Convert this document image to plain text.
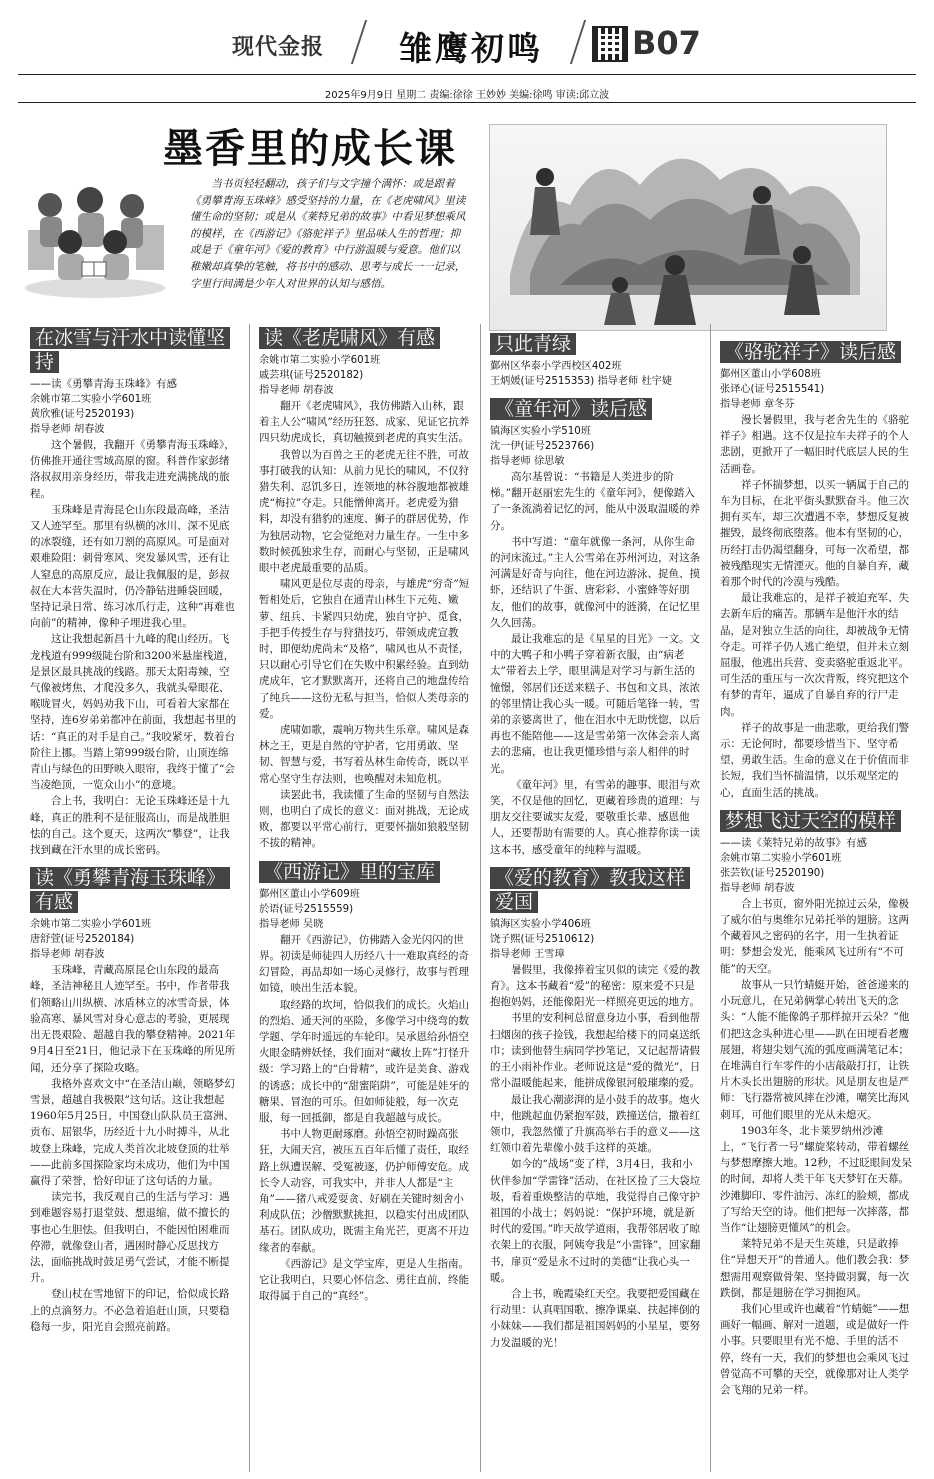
现代金报 雏鹰初鸣	B07
2025年9月9日 星期二 责编:徐徐 王妙妙 美编:徐鸣 审读:邱立波
墨香里的成长课
当书页轻轻翻动，孩子们与文字撞个满怀：或是跟着《勇攀青海玉珠峰》感受坚持的力量，在《老虎啸风》里读懂生命的坚韧；或是从《莱特兄弟的故事》中看见梦想乘风的模样，在《西游记》《骆驼祥子》里品味人生的哲理；抑或是于《童年河》《爱的教育》中行游温暖与爱意。他们以稚嫩却真挚的笔触，将书中的感动、思考与成长一一记录，字里行间满是少年人对世界的认知与感悟。
在冰雪与汗水中读懂坚持
——读《勇攀青海玉珠峰》有感
余姚市第二实验小学601班
黄欣雅(证号2520193)
指导老师 胡春波

这个暑假，我翻开《勇攀青海玉珠峰》，仿佛推开通往雪域高原的窗。科普作家彭绪洛叔叔用亲身经历，带我走进充满挑战的旅程。

玉珠峰是青海昆仑山东段最高峰，圣洁又人迹罕至。那里有纵横的冰川、深不见底的冰裂缝，还有如刀割的高原风。可是面对艰难险阻：刺骨寒风、突发暴风雪，还有让人窒息的高原反应，最让我佩服的是，彭叔叔在大本营失温时，仍冷静钻进睡袋回暖，坚持记录日常、练习冰爪行走，这种“再难也向前”的精神，像种子埋进我心里。

这让我想起新昌十九峰的爬山经历。飞龙栈道有999级陡台阶和3200米悬崖栈道，是景区最具挑战的线路。那天太阳毒辣，空气像被烤焦，才爬没多久，我就头晕眼花、喉咙冒火，妈妈劝我下山，可看着大家都在坚持，连6岁弟弟都冲在前面，我想起书里的话：“真正的对手是自己。”我咬紧牙，数着台阶往上挪。当踏上第999级台阶，山顶连绵青山与绿色的田野映入眼帘，我终于懂了“会当凌绝顶，一览众山小”的意境。

合上书，我明白：无论玉珠峰还是十九峰，真正的胜利不是征服高山，而是战胜胆怯的自己。这个夏天，这两次“攀登”，让我找到藏在汗水里的成长密码。

读《勇攀青海玉珠峰》有感
余姚市第二实验小学601班
唐舒萱(证号2520184)
指导老师 胡春波

玉珠峰，青藏高原昆仑山东段的最高峰，圣洁神秘且人迹罕至。书中，作者带我们领略山川纵横、冰盾林立的冰雪奇景，体验高寒、暴风雪对身心意志的考验，更展现出无畏艰险、超越自我的攀登精神。2021年9月4日至21日，他记录下在玉珠峰的所见所闻，还分享了探险攻略。

我格外喜欢文中“在圣洁山巅，领略梦幻雪景，超越自我极限”这句话。这让我想起1960年5月25日，中国登山队队员王富洲、贡布、屈银华，历经近十九小时搏斗，从北坡登上珠峰，完成人类首次北坡登顶的壮举——此前多国探险家均未成功，他们为中国赢得了荣誉，恰好印证了这句话的力量。

读完书，我反观自己的生活与学习：遇到难题容易打退堂鼓、想退缩，做不擅长的事也心生胆怯。但我明白，不能因怕困难而停滞，就像登山者，遇困时静心反思找方法，面临挑战时鼓足勇气尝试，才能不断提升。

登山杖在雪地留下的印记，恰似成长路上的点滴努力。不必急着追赶山顶，只要稳稳每一步，阳光自会照亮前路。

读《老虎啸风》有感
余姚市第二实验小学601班
戚芸琪(证号2520182)
指导老师 胡春波

翻开《老虎啸风》，我仿佛踏入山林，跟着主人公“啸风”经历狂怒、成家、见证它抗养四只幼虎成长，真切触摸到老虎的真实生活。

我曾以为百兽之王的老虎无往不胜，可故事打破我的认知：从前力见长的啸风，不仅狩猎失利、忍饥多日，连领地的林谷腹地都被雄虎“梅拉”夺走。只能憎伸离开。老虎爱为猎料，却没有猎豹的速度、狮子的群居优势，作为独居动物，它会觉绝对力量生存。一生中多数时候孤独求生存，而耐心与坚韧，正是啸风眼中老虎最重要的品质。

啸风更是位尽责的母亲，与雄虎“穷奇”短暂相处后，它独自在通青山林生下元苑、嫩萝、纽兵、卡紧四只幼虎，独自守护、觅食，手把手传授生存与狩猎技巧，带领成虎宣教时，即便幼虎尚未“及格”，啸风也从不责怪，只以耐心引导它们在失败中积累经验。直到幼虎成年，它才默默离开，还将自己的地盘传给了纯兵——这份无私与担当，恰似人类母亲的爱。

虎啸如歌，震响万物共生乐章。啸风是森林之王，更是自然的守护者，它用勇敢、坚韧、智慧与爱，书写着丛林生命传奇，既以平常心坚守生存法则，也唤醒对未知危机。

读罢此书，我读懂了生命的坚韧与自然法则，也明白了成长的意义：面对挑战，无论成败，都要以平常心前行，更要怀揣如狼般坚韧不拔的精神。

《西游记》里的宝库
鄞州区董山小学609班
於语(证号2515559)
指导老师 吴晓

翻开《西游记》，仿佛踏入金光闪闪的世界。初读是师徒四人历经八十一难取真经的奇幻冒险，再品却如一场心灵修行，故事与哲理如镜，映出生活本貌。

取经路的坎坷，恰似我们的成长。火焰山的烈焰、通天河的巫险，多像学习中绕弯的数学题、学年时遥远的车轮印。吴承恩给孙悟空火眼金睛辨妖怪，我们面对“藏妆上阵”打怪升级：学习路上的“白骨精”，或许是美食、游戏的诱惑；成长中的“甜蜜陷阱”，可能是娃牙的糖果、冒泡的可乐。但如师徒般，每一次克服，每一回抵御，都是自我超越与成长。

书中人物更耐琢磨。孙悟空初时躁高张狂，大闹天宫，被压五百年后懂了责任，取经路上纵遭误解、受冤被逐，仍护师傅安危。成长令人动容，可我实中，并非人人都是“主角”——猪八戒爱耍贪、好刷在关键时刻舍小利成队伍；沙僧默默挑担，以稳实付出成团队基石。团队成功，既需主角光芒，更离不开边缘者的奉献。

《西游记》是文学宝库，更是人生指南。它让我明白，只要心怀信念、勇往直前，终能取得属于自己的“真经”。

只此青绿
鄞州区华泰小学西校区402班
王炳媛(证号2515353) 指导老师 杜宇婕
《童年河》读后感
镇海区实验小学510班
沈一伊(证号2523766)
指导老师 徐思敏

高尔基曾说：“书籍是人类进步的阶梯。”翻开赵丽宏先生的《童年河》，便像踏入了一条流淌着记忆的河，能从中汲取温暖的养分。

书中写道：“童年就像一条河，从你生命的河床流过。”主人公雪弟在苏州河边，对这条河满是好奇与向往，他在河边游泳、捉鱼、摸虾，还结识了牛蛋、唐彩彩、小蜜蜂等好朋友，他们的故事，就像河中的涟漪，在记忆里久久回荡。

最让我难忘的是《星星的目光》一文。文中的大鸭子和小鸭子穿着新衣服，由“病老太”带着去上学，眼里满是对学习与新生活的憧憬，邻居们还送来糕子、书包和文具，浓浓的邻里情让我心头一暖。可随后笔锋一转，雪弟的亲婆离世了，他在泪水中无助恍惚，以后再也不能陪他——这是雪弟第一次体会亲人离去的悲痛，也让我更懂珍惜与亲人相伴的时光。

《童年河》里，有雪弟的趣事、眼泪与欢笑，不仅是他的回忆，更藏着珍贵的道理：与朋友交往要诚实友爱，要敬重长辈、感恩他人，还要帮助有需要的人。真心推荐你读一读这本书，感受童年的纯粹与温暖。

《爱的教育》教我这样爱国
镇海区实验小学406班
饶子熙(证号2510612)
指导老师 王雪璋

暑假里，我像捧着宝贝似的读完《爱的教育》。这本书藏着“爱”的秘密：原来爱不只是抱抱妈妈，还能像阳光一样照亮更远的地方。

书里的安利柯总留意身边小事，看到他帮扫烟囱的孩子捡钱，我想起给楼下的同桌送纸巾；读到他替生病同学抄笔记，又记起帮请假的王小雨补作业。老师说这是“爱的微光”，日常小温暖能起来，能拼成像银河般璀璨的爱。

最让我心潮澎湃的是小鼓手的故事。炮火中，他跳起血仍紧抱军鼓，跌撞送信，撒着红领巾，我忽然懂了升旗高举右手的意义——这红领巾着先辈像小鼓手这样的英雄。

如今的“战场”变了样，3月4日，我和小伙伴参加“学雷锋”活动，在社区捡了三大袋垃圾，看着重焕整洁的草地，我觉得自己像守护祖国的小战士；妈妈说：“保护环境，就是新时代的爱国。”昨天故学道雨，我帮邻居收了晾衣架上的衣服，阿姨夸我是“小雷锋”，回家翻书，扉页“爱是永不过时的美德”让我心头一暖。

合上书，晚霞染红天空。我要把爱国藏在行动里：认真唱国歌、擦净课桌、扶起摔倒的小妹妹——我们都是祖国妈妈的小星星，要努力发温暖的光！

《骆驼祥子》读后感
鄞州区董山小学608班
张译心(证号2515541)
指导老师 章冬芬

漫长暑假里，我与老舍先生的《骆驼祥子》相遇。这不仅是拉车夫祥子的个人悲剧，更掀开了一幅旧时代底层人民的生活画卷。

祥子怀揣梦想，以买一辆属于自己的车为目标，在北平街头默默奋斗。他三次拥有买车，却三次遭遇不幸，梦想反复被摧毁，最终彻底堕落。他本有坚韧的心，历经打击仍渴望翻身，可每一次希望，都被残酷现实无情湮灭。他的自暴自弃，藏着那个时代的冷漠与残酷。

最让我难忘的，是祥子被迫充军、失去新车后的痛苦。那辆车是他汗水的结晶，是对独立生活的向往，却被战争无情夺走。可祥子仍人逃亡绝望，但并未立刻屈服，他逃出兵营、变卖骆驼重返北平。可生活的重压与一次次背叛，终究把这个有梦的青年，逼成了自暴自弃的行尸走肉。

祥子的故事是一曲悲歌，更给我们警示：无论何时，都要珍惜当下、坚守希望，勇敢生活。生命的意义在于价值而非长短，我们当怀揣温情，以乐观坚定的心，直面生活的挑战。

梦想飞过天空的模样
——读《莱特兄弟的故事》有感
余姚市第二实验小学601班
张芸钦(证号2520190)
指导老师 胡春波

合上书页，窗外阳光掠过云朵，像极了威尔伯与奥维尔兄弟托举的翅膀。这两个藏着风之密码的名字，用一生执着证明：梦想会发光，能乘风飞过所有“不可能”的天空。

故事从一只竹蜻蜓开始，爸爸递来的小玩意儿，在兄弟俩掌心转出飞天的念头：“人能不能像鸽子那样掠开云朵？”他们把这念头种进心里——趴在田埂看老鹰展翅，将翅尖划气流的弧度画满笔记本；在堆满自行车零件的小店敲敲打打，让铁片木头长出翅膀的形状。风是朋友也是严师：飞行器常被风摔在沙滩，嘲笑比海风刺耳，可他们眼里的光从未熄灭。

1903年冬，北卡莱罗纳州沙滩上，“飞行者一号”螺旋桨转动，带着螺丝与梦想摩擦大地。12秒，不过眨眼间发呆的时间，却将人类干年飞天梦钉在天幕。沙滩脚印、零件油污、冻红的脸颊，都成了写给天空的诗。他们把每一次摔落，都当作“让翅膀更懂风”的机会。

莱特兄弟不是天生英雄，只是敢捧住“异想天开”的普通人。他们教会我：梦想需用观察做骨架、坚持做羽翼，每一次跌倒，都是翅膀在学习拥抱风。

我们心里或许也藏着“竹蜻蜓”——想画好一幅画、解对一道题，或是做好一件小事。只要眼里有光不熄、手里的活不停，终有一天，我们的梦想也会乘风飞过曾觉高不可攀的天空，就像那对让人类学会飞翔的兄弟一样。
